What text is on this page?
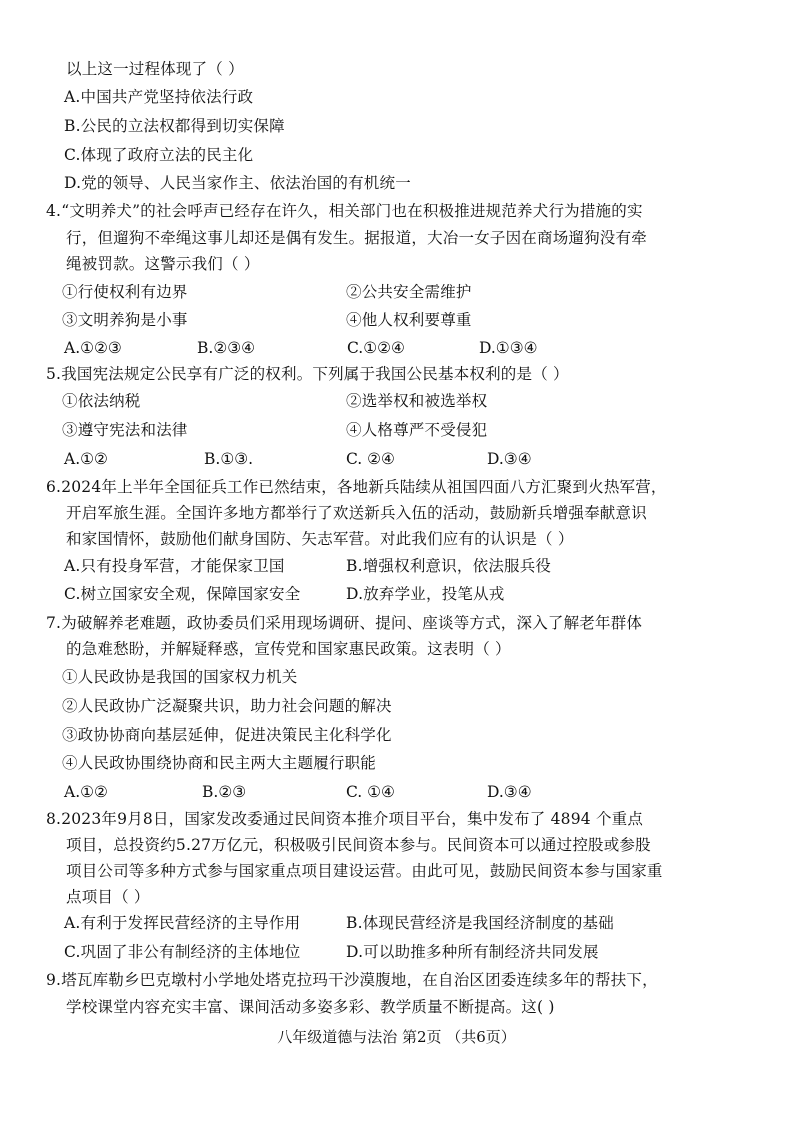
以上这一过程体现了（ ）
A.中国共产党坚持依法行政
B.公民的立法权都得到切实保障
C.体现了政府立法的民主化
D.党的领导、人民当家作主、依法治国的有机统一
4.“文明养犬”的社会呼声已经存在许久，相关部门也在积极推进规范养犬行为措施的实
行，但遛狗不牵绳这事儿却还是偶有发生。据报道，大冶一女子因在商场遛狗没有牵
绳被罚款。这警示我们（ ）
①行使权利有边界	②公共安全需维护
③文明养狗是小事	④他人权利要尊重
A.①②③	B.②③④	C.①②④	D.①③④
5.我国宪法规定公民享有广泛的权利。下列属于我国公民基本权利的是（ ）
①依法纳税	②选举权和被选举权
③遵守宪法和法律	④人格尊严不受侵犯
A.①②	B.①③.	C. ②④	D.③④
6.2024年上半年全国征兵工作已然结束，各地新兵陆续从祖国四面八方汇聚到火热军营，
开启军旅生涯。全国许多地方都举行了欢送新兵入伍的活动，鼓励新兵增强奉献意识
和家国情怀，鼓励他们献身国防、矢志军营。对此我们应有的认识是（ ）
A.只有投身军营，才能保家卫国	B.增强权利意识，依法服兵役
C.树立国家安全观，保障国家安全	D.放弃学业，投笔从戎
7.为破解养老难题，政协委员们采用现场调研、提问、座谈等方式，深入了解老年群体
的急难愁盼，并解疑释惑，宣传党和国家惠民政策。这表明（ ）
①人民政协是我国的国家权力机关
②人民政协广泛凝聚共识，助力社会问题的解决
③政协协商向基层延伸，促进决策民主化科学化
④人民政协围绕协商和民主两大主题履行职能
A.①②	B.②③	C. ①④	D.③④
8.2023年9月8日，国家发改委通过民间资本推介项目平台，集中发布了 4894 个重点
项目，总投资约5.27万亿元，积极吸引民间资本参与。民间资本可以通过控股或参股
项目公司等多种方式参与国家重点项目建设运营。由此可见，鼓励民间资本参与国家重
点项目（ ）
A.有利于发挥民营经济的主导作用	B.体现民营经济是我国经济制度的基础
C.巩固了非公有制经济的主体地位	D.可以助推多种所有制经济共同发展
9.塔瓦库勒乡巴克墩村小学地处塔克拉玛干沙漠腹地，在自治区团委连续多年的帮扶下，
学校课堂内容充实丰富、课间活动多姿多彩、教学质量不断提高。这( )
八年级道德与法治 第2页 （共6页）
